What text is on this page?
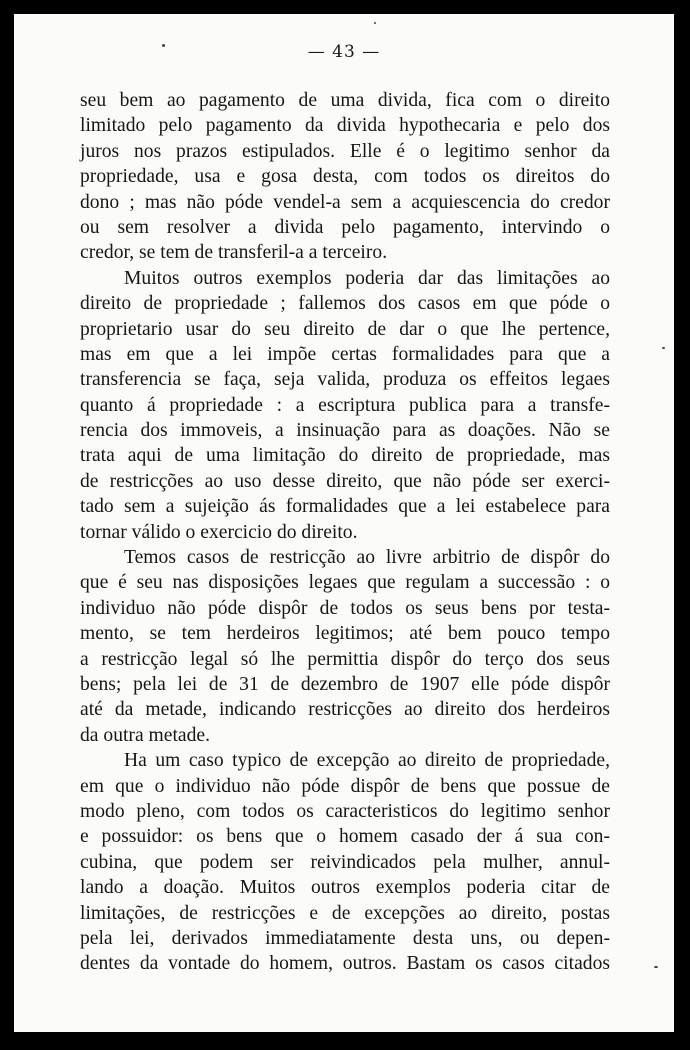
— 43 —
seu bem ao pagamento de uma divida, fica com o direito
limitado pelo pagamento da divida hypothecaria e pelo dos
juros nos prazos estipulados. Elle é o legitimo senhor da
propriedade, usa e gosa desta, com todos os direitos do
dono ; mas não póde vendel-a sem a acquiescencia do credor
ou sem resolver a divida pelo pagamento, intervindo o
credor, se tem de transferil-a a terceiro.
Muitos outros exemplos poderia dar das limitações ao
direito de propriedade ; fallemos dos casos em que póde o
proprietario usar do seu direito de dar o que lhe pertence,
mas em que a lei impõe certas formalidades para que a
transferencia se faça, seja valida, produza os effeitos legaes
quanto á propriedade : a escriptura publica para a transfe-
rencia dos immoveis, a insinuação para as doações. Não se
trata aqui de uma limitação do direito de propriedade, mas
de restricções ao uso desse direito, que não póde ser exerci-
tado sem a sujeição ás formalidades que a lei estabelece para
tornar válido o exercicio do direito.
Temos casos de restricção ao livre arbitrio de dispôr do
que é seu nas disposições legaes que regulam a successão : o
individuo não póde dispôr de todos os seus bens por testa-
mento, se tem herdeiros legitimos; até bem pouco tempo
a restricção legal só lhe permittia dispôr do terço dos seus
bens; pela lei de 31 de dezembro de 1907 elle póde dispôr
até da metade, indicando restricções ao direito dos herdeiros
da outra metade.
Ha um caso typico de excepção ao direito de propriedade,
em que o individuo não póde dispôr de bens que possue de
modo pleno, com todos os caracteristicos do legitimo senhor
e possuidor: os bens que o homem casado der á sua con-
cubina, que podem ser reivindicados pela mulher, annul-
lando a doação. Muitos outros exemplos poderia citar de
limitações, de restricções e de excepções ao direito, postas
pela lei, derivados immediatamente desta uns, ou depen-
dentes da vontade do homem, outros. Bastam os casos citados
